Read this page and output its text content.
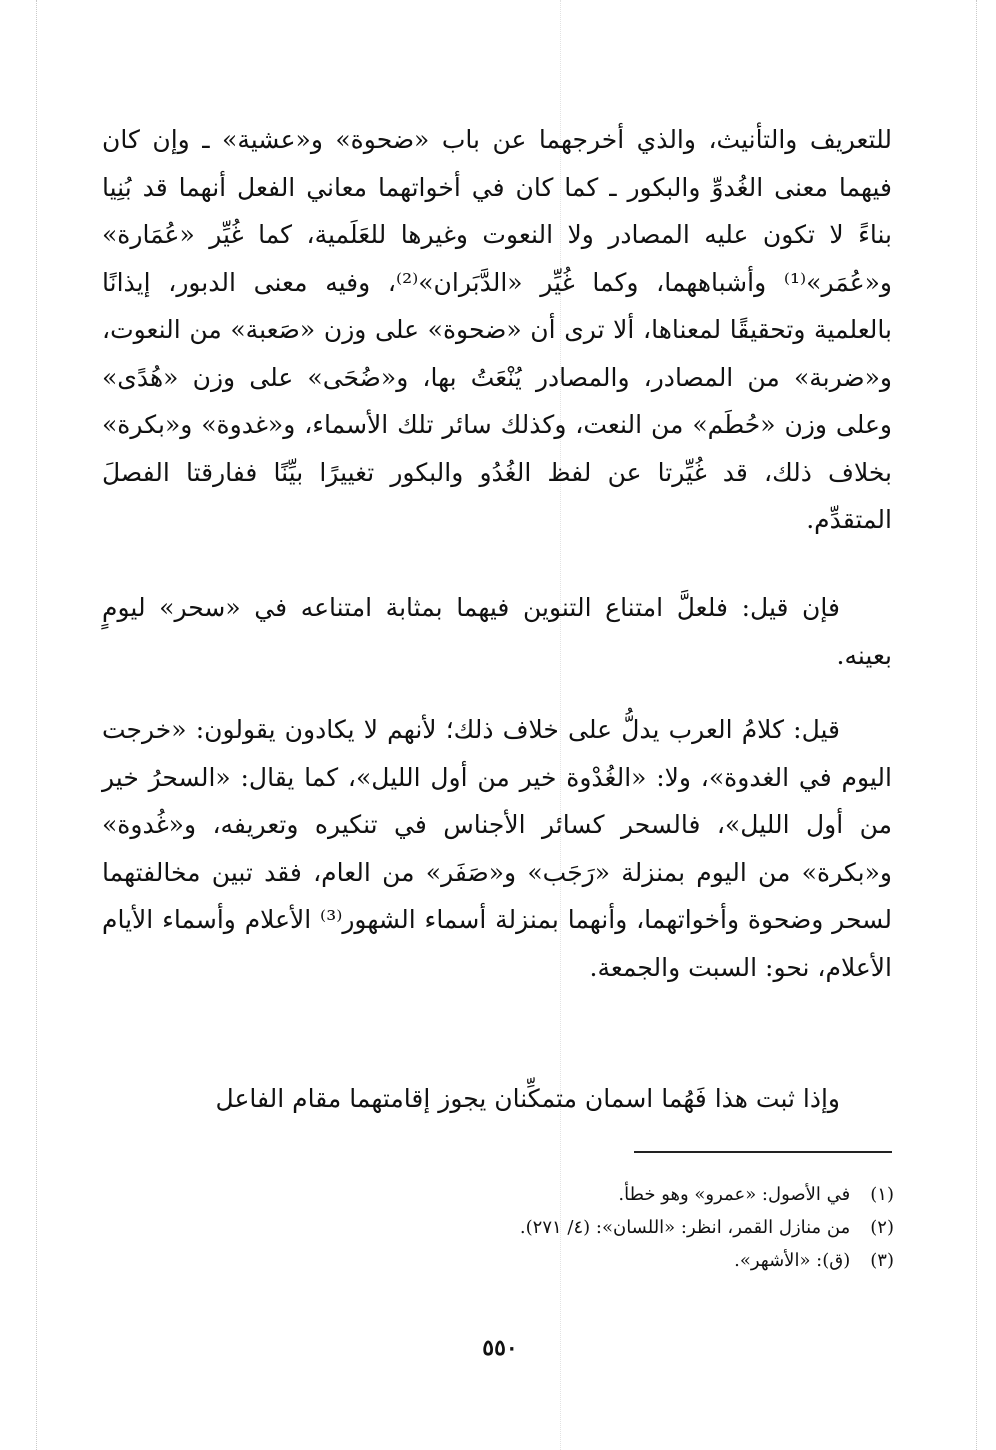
للتعريف والتأنيث، والذي أخرجهما عن باب «ضحوة» و«عشية» ـ وإن كان فيهما معنى الغُدوِّ والبكور ـ كما كان في أخواتهما معاني الفعل أنهما قد بُنِيا بناءً لا تكون عليه المصادر ولا النعوت وغيرها للعَلَمية، كما غُيِّر «عُمَارة» و«عُمَر»⁽¹⁾ وأشباههما، وكما غُيِّر «الدَّبَران»⁽²⁾، وفيه معنى الدبور، إيذانًا بالعلمية وتحقيقًا لمعناها، ألا ترى أن «ضحوة» على وزن «صَعبة» من النعوت، و«ضربة» من المصادر، والمصادر يُنْعَتُ بها، و«ضُحَى» على وزن «هُدًى» وعلى وزن «حُطَم» من النعت، وكذلك سائر تلك الأسماء، و«غدوة» و«بكرة» بخلاف ذلك، قد غُيِّرتا عن لفظ الغُدُو والبكور تغييرًا بيِّنًا ففارقتا الفصلَ المتقدِّم.

فإن قيل: فلعلَّ امتناع التنوين فيهما بمثابة امتناعه في «سحر» ليومٍ بعينه.

قيل: كلامُ العرب يدلُّ على خلاف ذلك؛ لأنهم لا يكادون يقولون: «خرجت اليوم في الغدوة»، ولا: «الغُدْوة خير من أول الليل»، كما يقال: «السحرُ خير من أول الليل»، فالسحر كسائر الأجناس في تنكيره وتعريفه، و«غُدوة» و«بكرة» من اليوم بمنزلة «رَجَب» و«صَفَر» من العام، فقد تبين مخالفتهما لسحر وضحوة وأخواتهما، وأنهما بمنزلة أسماء الشهور⁽³⁾ الأعلام وأسماء الأيام الأعلام، نحو: السبت والجمعة.

وإذا ثبت هذا فَهُما اسمان متمكِّنان يجوز إقامتهما مقام الفاعل

(١) في الأصول: «عمرو» وهو خطأ.
(٢) من منازل القمر، انظر: «اللسان»: (٤/ ٢٧١).
(٣) (ق): «الأشهر».
٥٥٠
